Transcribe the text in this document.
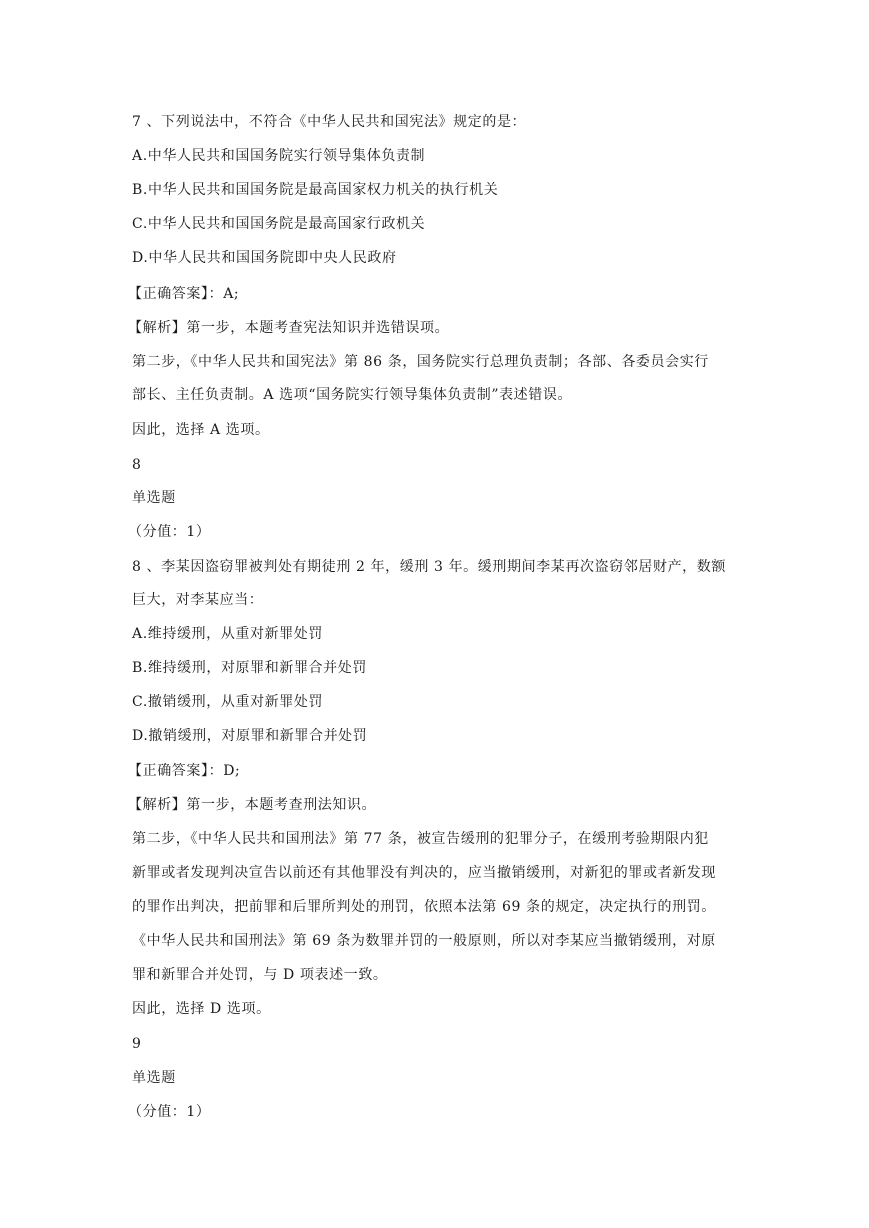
7 、下列说法中，不符合《中华人民共和国宪法》规定的是：
A.中华人民共和国国务院实行领导集体负责制
B.中华人民共和国国务院是最高国家权力机关的执行机关
C.中华人民共和国国务院是最高国家行政机关
D.中华人民共和国国务院即中央人民政府
【正确答案】：A;
【解析】第一步，本题考查宪法知识并选错误项。
第二步，《中华人民共和国宪法》第 86 条，国务院实行总理负责制；各部、各委员会实行
部长、主任负责制。A 选项“国务院实行领导集体负责制”表述错误。
因此，选择 A 选项。
8
单选题
（分值：1）
8 、李某因盗窃罪被判处有期徒刑 2 年，缓刑 3 年。缓刑期间李某再次盗窃邻居财产，数额
巨大，对李某应当：
A.维持缓刑，从重对新罪处罚
B.维持缓刑，对原罪和新罪合并处罚
C.撤销缓刑，从重对新罪处罚
D.撤销缓刑，对原罪和新罪合并处罚
【正确答案】：D;
【解析】第一步，本题考查刑法知识。
第二步，《中华人民共和国刑法》第 77 条，被宣告缓刑的犯罪分子，在缓刑考验期限内犯
新罪或者发现判决宣告以前还有其他罪没有判决的，应当撤销缓刑，对新犯的罪或者新发现
的罪作出判决，把前罪和后罪所判处的刑罚，依照本法第 69 条的规定，决定执行的刑罚。
《中华人民共和国刑法》第 69 条为数罪并罚的一般原则，所以对李某应当撤销缓刑，对原
罪和新罪合并处罚，与 D 项表述一致。
因此，选择 D 选项。
9
单选题
（分值：1）
